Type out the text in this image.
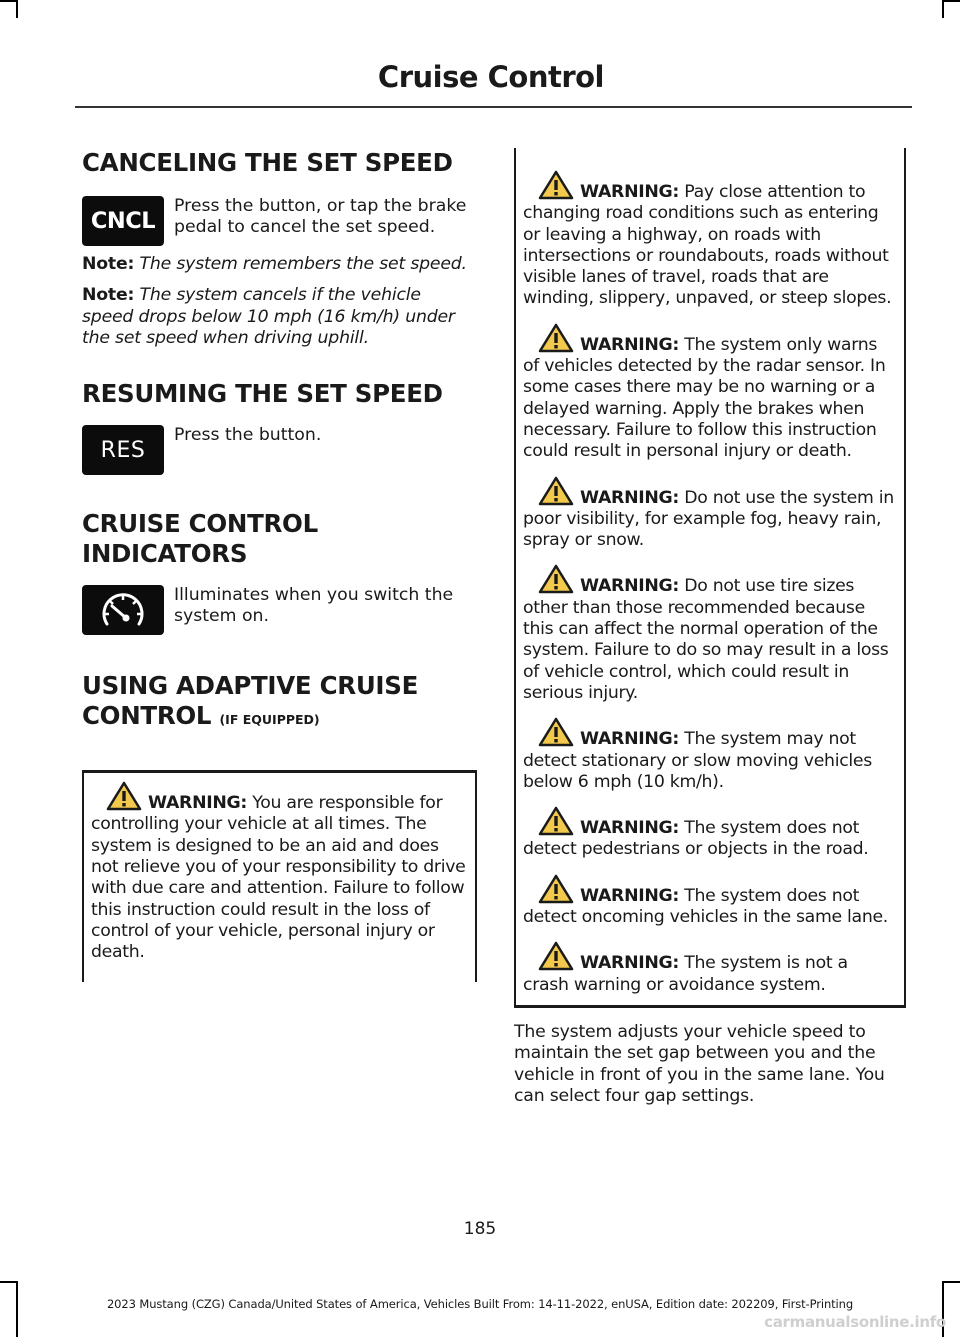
Cruise Control
CANCELING THE SET SPEED
CNCL
Press the button, or tap the brake pedal to cancel the set speed.

Note: The system remembers the set speed.

Note: The system cancels if the vehicle speed drops below 10 mph (16 km/h) under the set speed when driving uphill.

RESUMING THE SET SPEED
RES
Press the button.
CRUISE CONTROL
INDICATORS
Illuminates when you switch the system on.
USING ADAPTIVE CRUISE
CONTROL (IF EQUIPPED)
WARNING: You are responsible for controlling your vehicle at all times. The system is designed to be an aid and does not relieve you of your responsibility to drive with due care and attention. Failure to follow this instruction could result in the loss of control of your vehicle, personal injury or death.
WARNING: Pay close attention to changing road conditions such as entering or leaving a highway, on roads with intersections or roundabouts, roads without visible lanes of travel, roads that are winding, slippery, unpaved, or steep slopes.
WARNING: The system only warns of vehicles detected by the radar sensor. In some cases there may be no warning or a delayed warning. Apply the brakes when necessary. Failure to follow this instruction could result in personal injury or death.
WARNING: Do not use the system in poor visibility, for example fog, heavy rain, spray or snow.
WARNING: Do not use tire sizes other than those recommended because this can affect the normal operation of the system. Failure to do so may result in a loss of vehicle control, which could result in serious injury.
WARNING: The system may not detect stationary or slow moving vehicles below 6 mph (10 km/h).
WARNING: The system does not detect pedestrians or objects in the road.
WARNING: The system does not detect oncoming vehicles in the same lane.
WARNING: The system is not a crash warning or avoidance system.

The system adjusts your vehicle speed to maintain the set gap between you and the vehicle in front of you in the same lane. You can select four gap settings.

185
2023 Mustang (CZG) Canada/United States of America, Vehicles Built From: 14-11-2022, enUSA, Edition date: 202209, First-Printing
carmanualsonline.info
